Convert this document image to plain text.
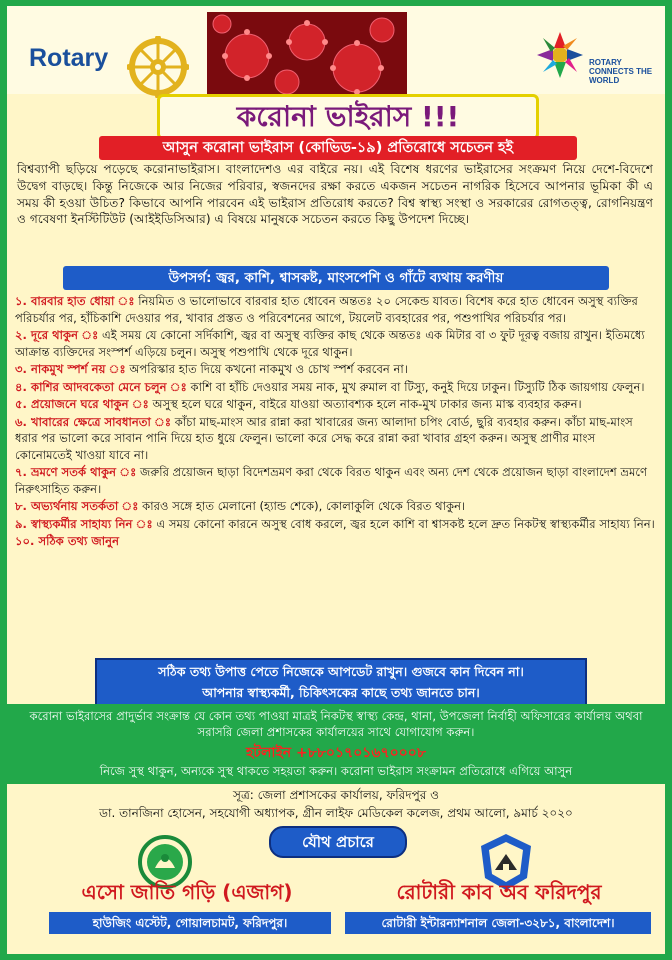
Rotary	ROTARY CONNECTS THE WORLD
করোনা ভাইরাস !!!
আসুন করোনা ভাইরাস (কোভিড-১৯) প্রতিরোধে সচেতন হই
বিশ্বব্যাপী ছড়িয়ে পড়েছে করোনাভাইরাস। বাংলাদেশও এর বাইরে নয়। এই বিশেষ ধরণের ভাইরাসের সংক্রমণ নিয়ে দেশে-বিদেশে উদ্বেগ বাড়ছে। কিন্তু নিজেকে আর নিজের পরিবার, স্বজনদের রক্ষা করতে একজন সচেতন নাগরিক হিসেবে আপনার ভূমিকা কী এ সময় কী হওয়া উচিত? কিভাবে আপনি পারবেন এই ভাইরাস প্রতিরোধ করতে? বিশ্ব স্বাস্থ্য সংস্থা ও সরকারের রোগতত্ত্ব, রোগনিয়ন্ত্রণ ও গবেষণা ইনস্টিটিউট (আইইডিসিআর) এ বিষয়ে মানুষকে সচেতন করতে কিছু উপদেশ দিচ্ছে।
উপসর্গ: জ্বর, কাশি, শ্বাসকষ্ট, মাংসপেশি ও গাঁটে ব্যথায় করণীয়
১. বারবার হাত ধোয়া ঃ নিয়মিত ও ভালোভাবে বারবার হাত ধোবেন অন্ততঃ ২০ সেকেন্ড যাবত। বিশেষ করে হাত ধোবেন অসুস্থ ব্যক্তির পরিচর্যার পর, হাঁচিকাশি দেওয়ার পর, খাবার প্রস্তত ও পরিবেশনের আগে, টয়লেট ব্যবহারের পর, পশুপাখির পরিচর্যার পর।
২. দূরে থাকুন ঃ এই সময় যে কোনো সর্দিকাশি, জ্বর বা অসুস্থ ব্যক্তির কাছ থেকে অন্ততঃ এক মিটার বা ৩ ফুট দূরত্ব বজায় রাখুন। ইতিমধ্যে আক্রান্ত ব্যক্তিদের সংস্পর্শ এড়িয়ে চলুন। অসুস্থ পশুপাখি থেকে দূরে থাকুন।
৩. নাকমুখ স্পর্শ নয় ঃ অপরিস্কার হাত দিয়ে কখনো নাকমুখ ও চোখ স্পর্শ করবেন না।
৪. কাশির আদবকেতা মেনে চলুন ঃ কাশি বা হাঁচি দেওয়ার সময় নাক, মুখ রুমাল বা টিস্যু, কনুই দিয়ে ঢাকুন। টিস্যুটি ঠিক জায়গায় ফেলুন।
৫. প্রয়োজনে ঘরে থাকুন ঃ অসুস্থ হলে ঘরে থাকুন, বাইরে যাওয়া অত্যাবশ্যক হলে নাক-মুখ ঢাকার জন্য মাস্ক ব্যবহার করুন।
৬. খাবারের ক্ষেত্রে সাবধানতা ঃ কাঁচা মাছ-মাংস আর রান্না করা খাবারের জন্য আলাদা চপিং বোর্ড, ছুরি ব্যবহার করুন। কাঁচা মাছ-মাংস ধরার পর ভালো করে সাবান পানি দিয়ে হাত ধুয়ে ফেলুন। ভালো করে সেদ্ধ করে রান্না করা খাবার গ্রহণ করুন। অসুস্থ প্রাণীর মাংস কোনোমতেই খাওয়া যাবে না।
৭. ভ্রমণে সতর্ক থাকুন ঃ জরুরি প্রয়োজন ছাড়া বিদেশভ্রমণ করা থেকে বিরত থাকুন এবং অন্য দেশ থেকে প্রয়োজন ছাড়া বাংলাদেশ ভ্রমণে নিরুৎসাহিত করুন।
৮. অভ্যর্থনায় সতর্কতা ঃ কারও সঙ্গে হাত মেলানো (হ্যান্ড শেকে), কোলাকুলি থেকে বিরত থাকুন।
৯. স্বাস্থ্যকর্মীর সাহায্য নিন ঃ এ সময় কোনো কারনে অসুস্থ বোধ করলে, জ্বর হলে কাশি বা শ্বাসকষ্ট হলে দ্রুত নিকটস্থ স্বাস্থ্যকর্মীর সাহায্য নিন।
১০. সঠিক তথ্য জানুন
সঠিক তথ্য উপাত্ত পেতে নিজেকে আপডেট রাখুন। গুজবে কান দিবেন না।
আপনার স্বাস্থ্যকর্মী, চিকিৎসকের কাছে তথ্য জানতে চান।
করোনা ভাইরাসের প্রাদুর্ভাব সংক্রান্ত যে কোন তথ্য পাওয়া মাত্রই নিকটস্থ স্বাস্থ্য কেন্দ্র, থানা, উপজেলা নির্বাহী অফিসারের কার্যালয় অথবা সরাসরি জেলা প্রশাসকের কার্যালয়ের সাথে যোগাযোগ করুন।
হটলাইন +৮৮০১৭০১৬৭০০০৮
নিজে সুস্থ থাকুন, অন্যকে সুস্থ থাকতে সহয়তা করুন। করোনা ভাইরাস সংক্রামন প্রতিরোধে এগিয়ে আসুন
সূত্র: জেলা প্রশাসকের কার্যালয়, ফরিদপুর ও
ডা. তানজিনা হোসেন, সহযোগী অধ্যাপক, গ্রীন লাইফ মেডিকেল কলেজ, প্রথম আলো, ৯মার্চ ২০২০
যৌথ প্রচারে
এসো জাতি গড়ি (এজাগ)	রোটারী কাব অব ফরিদপুর
হাউজিং এস্টেট, গোয়ালচামট, ফরিদপুর।	রোটারী ইন্টারন্যাশনাল জেলা-৩২৮১, বাংলাদেশ।
